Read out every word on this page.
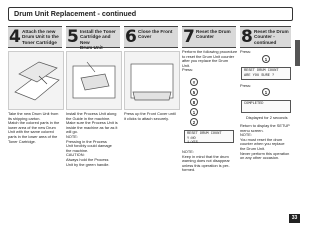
Drum Unit Replacement - continued
33
4 Attach the new
Drum Unit to the
Toner Cartridge
Take the new Drum Unit from
its shipping carton.
Match the colored parts in the
lower area of the new Drum
Unit with the same colored
parts in the lower area of the
Toner Cartridge.
5 Install the Toner
Cartridge and New
Drum Unit
Install the Process Unit along
the Guide in the machine.
Make sure the Process Unit is
inside the machine as far as it
will go.
NOTE:
Pressing in the Process
Unit forcibly could damage
the machine.
CAUTION:
Always hold the Process
Unit by the green handle.
6 Close the Front
Cover
Press up the Front Cover until
it clicks to attach securely.
7 Reset the Drum
Counter
Perform the following procedure
to reset the Drum Unit counter
after you replace the Drum
Unit.
Press:
#
5
8
1
2
RESET DRUM COUNT
Y:NO
1:YES
NOTE:
Keep in mind that the drum
warning does not disappear
unless this operation is per-
formed.
8 Reset the Drum
Counter - continued
Press:
1
RESET DRUM COUNT
ARE YOU SURE ?
Press:
1
COMPLETED
Displayed for 2 seconds
Return to display the SETUP
menu screen.
NOTE:
You must reset the drum
counter when you replace
the Drum Unit.
Never perform this operation
on any other occasion.
